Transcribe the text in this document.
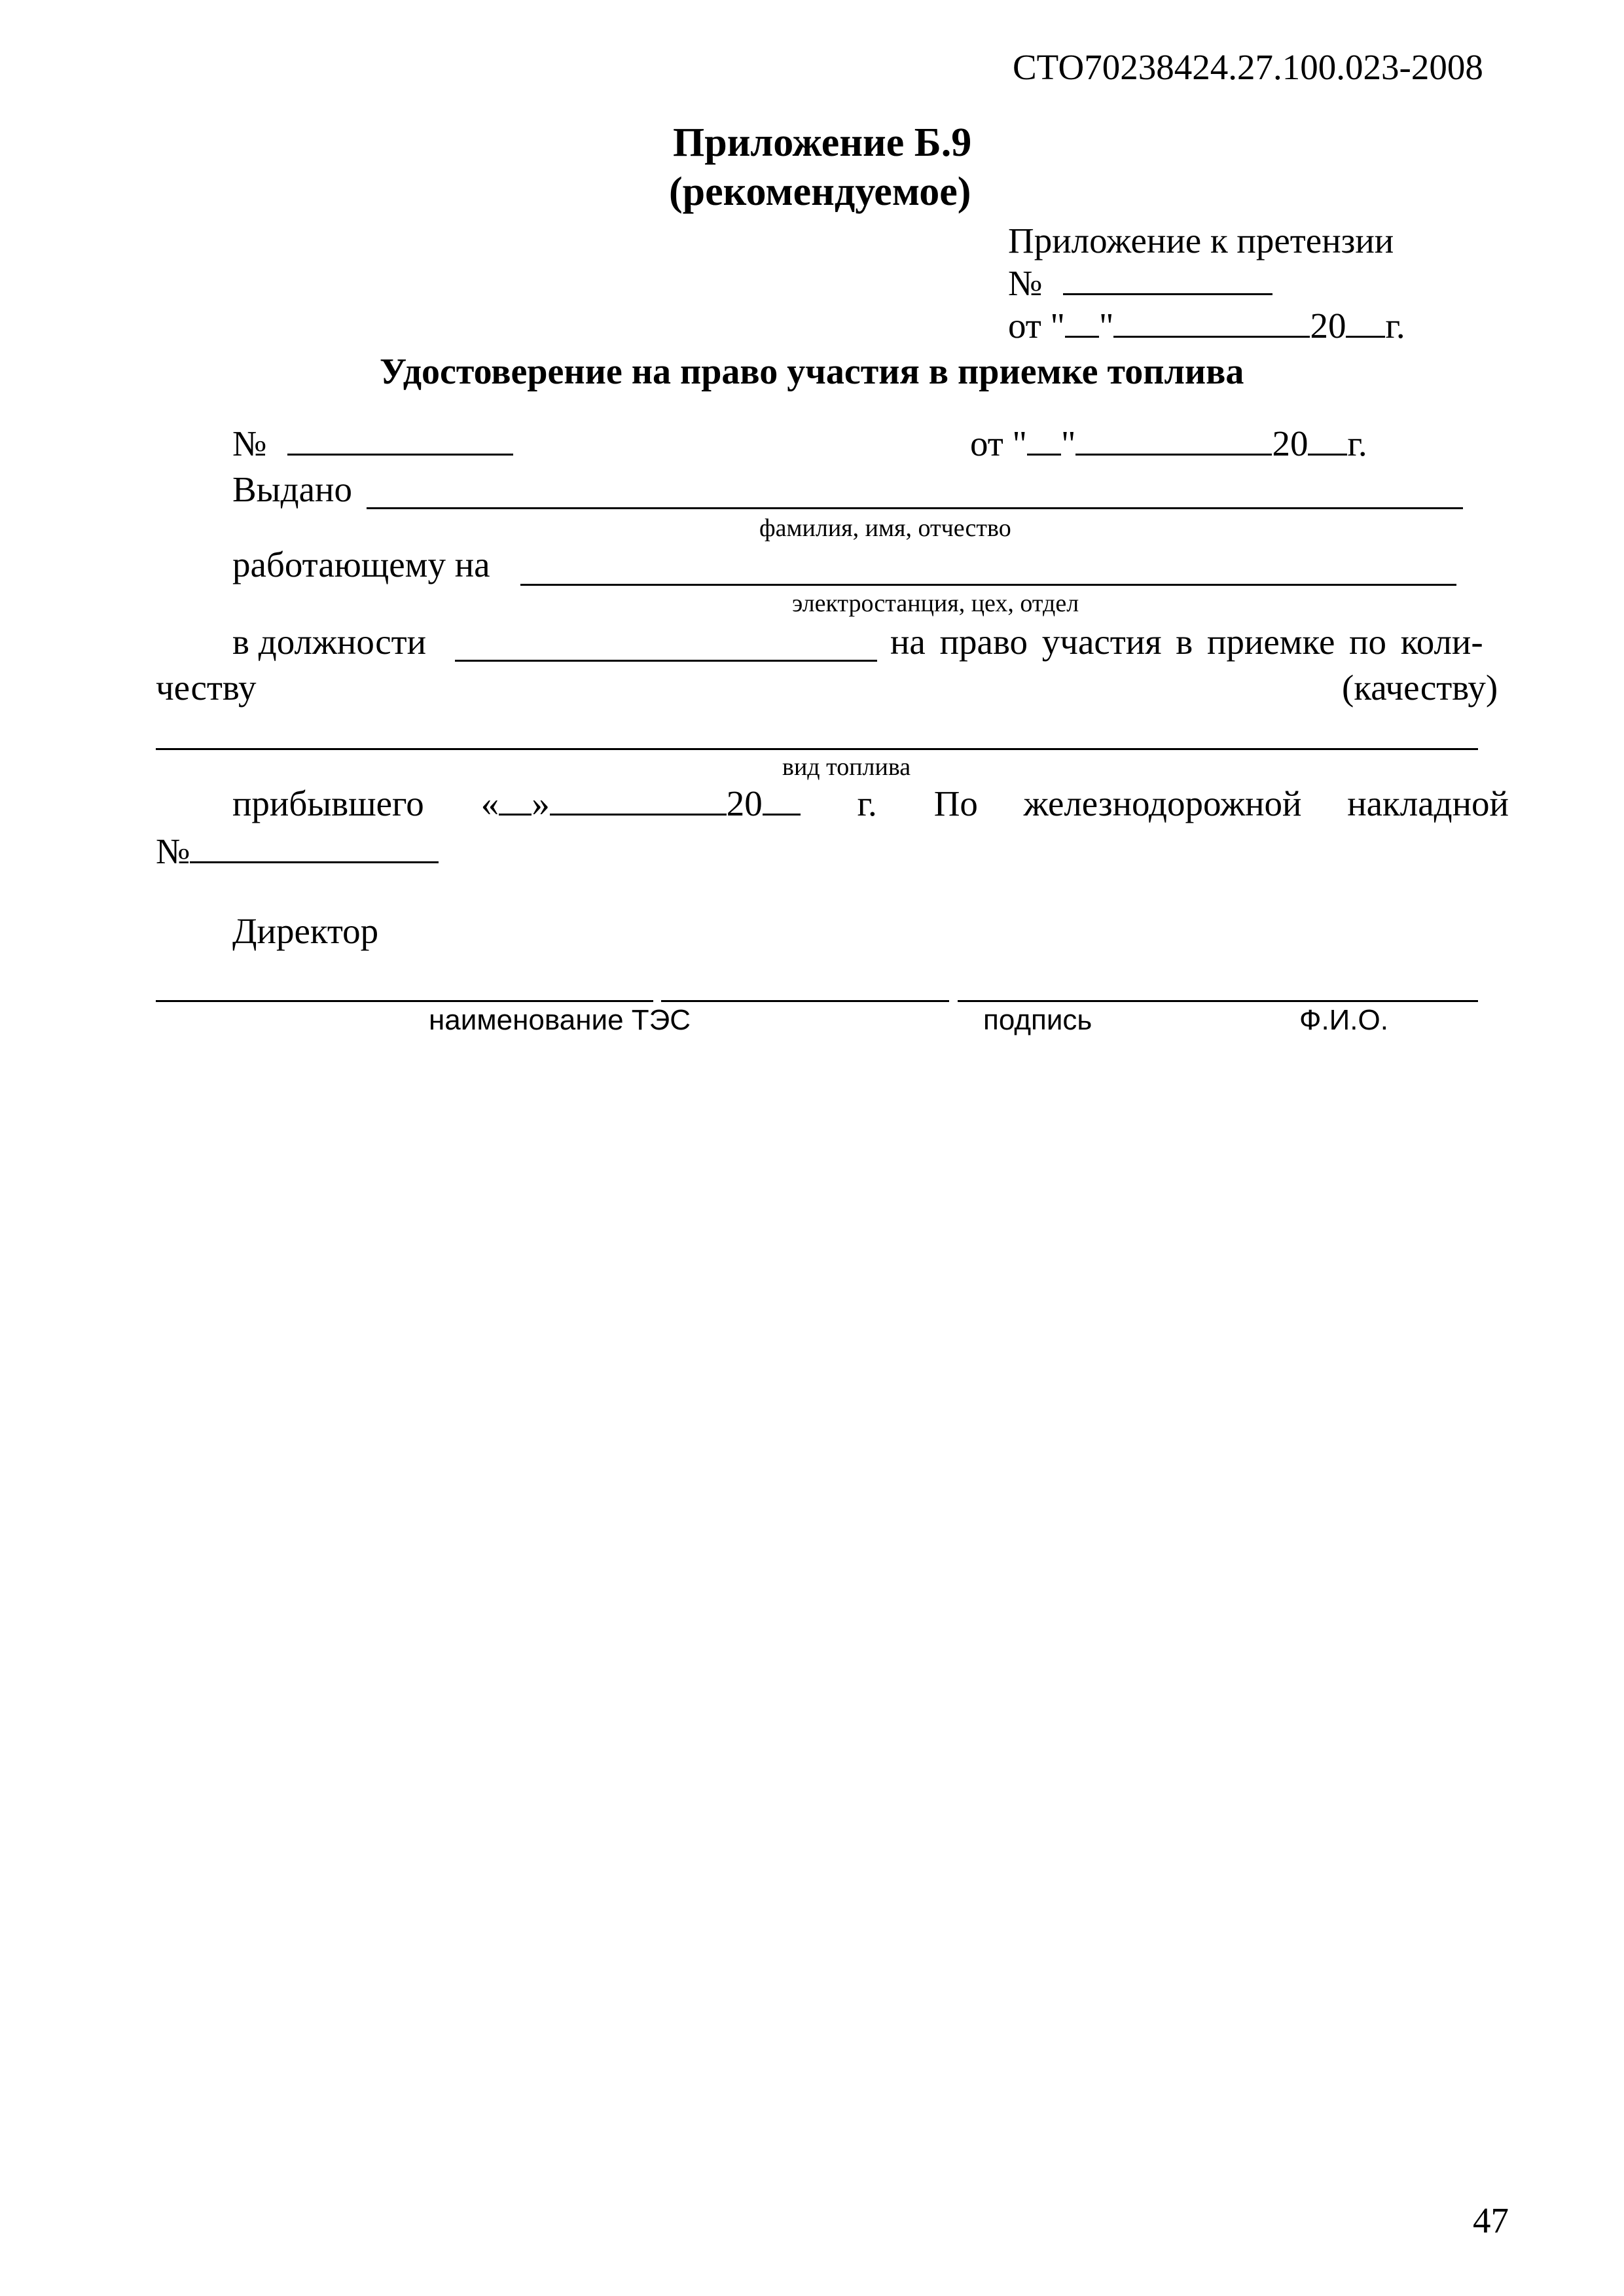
СТО70238424.27.100.023-2008
Приложение Б.9
(рекомендуемое)
Приложение к претензии
№
от " "	20 г.
Удостоверение на право участия в приемке топлива
№	от " "	20 г.
Выдано
фамилия, имя, отчество
работающему на
электростанция, цех, отдел
в должности	на право участия в приемке по коли-
честву	(качеству)
вид топлива
прибывшего « »	20	г. По железнодорожной накладной
№
Директор
наименование ТЭС	подпись	Ф.И.О.
47
